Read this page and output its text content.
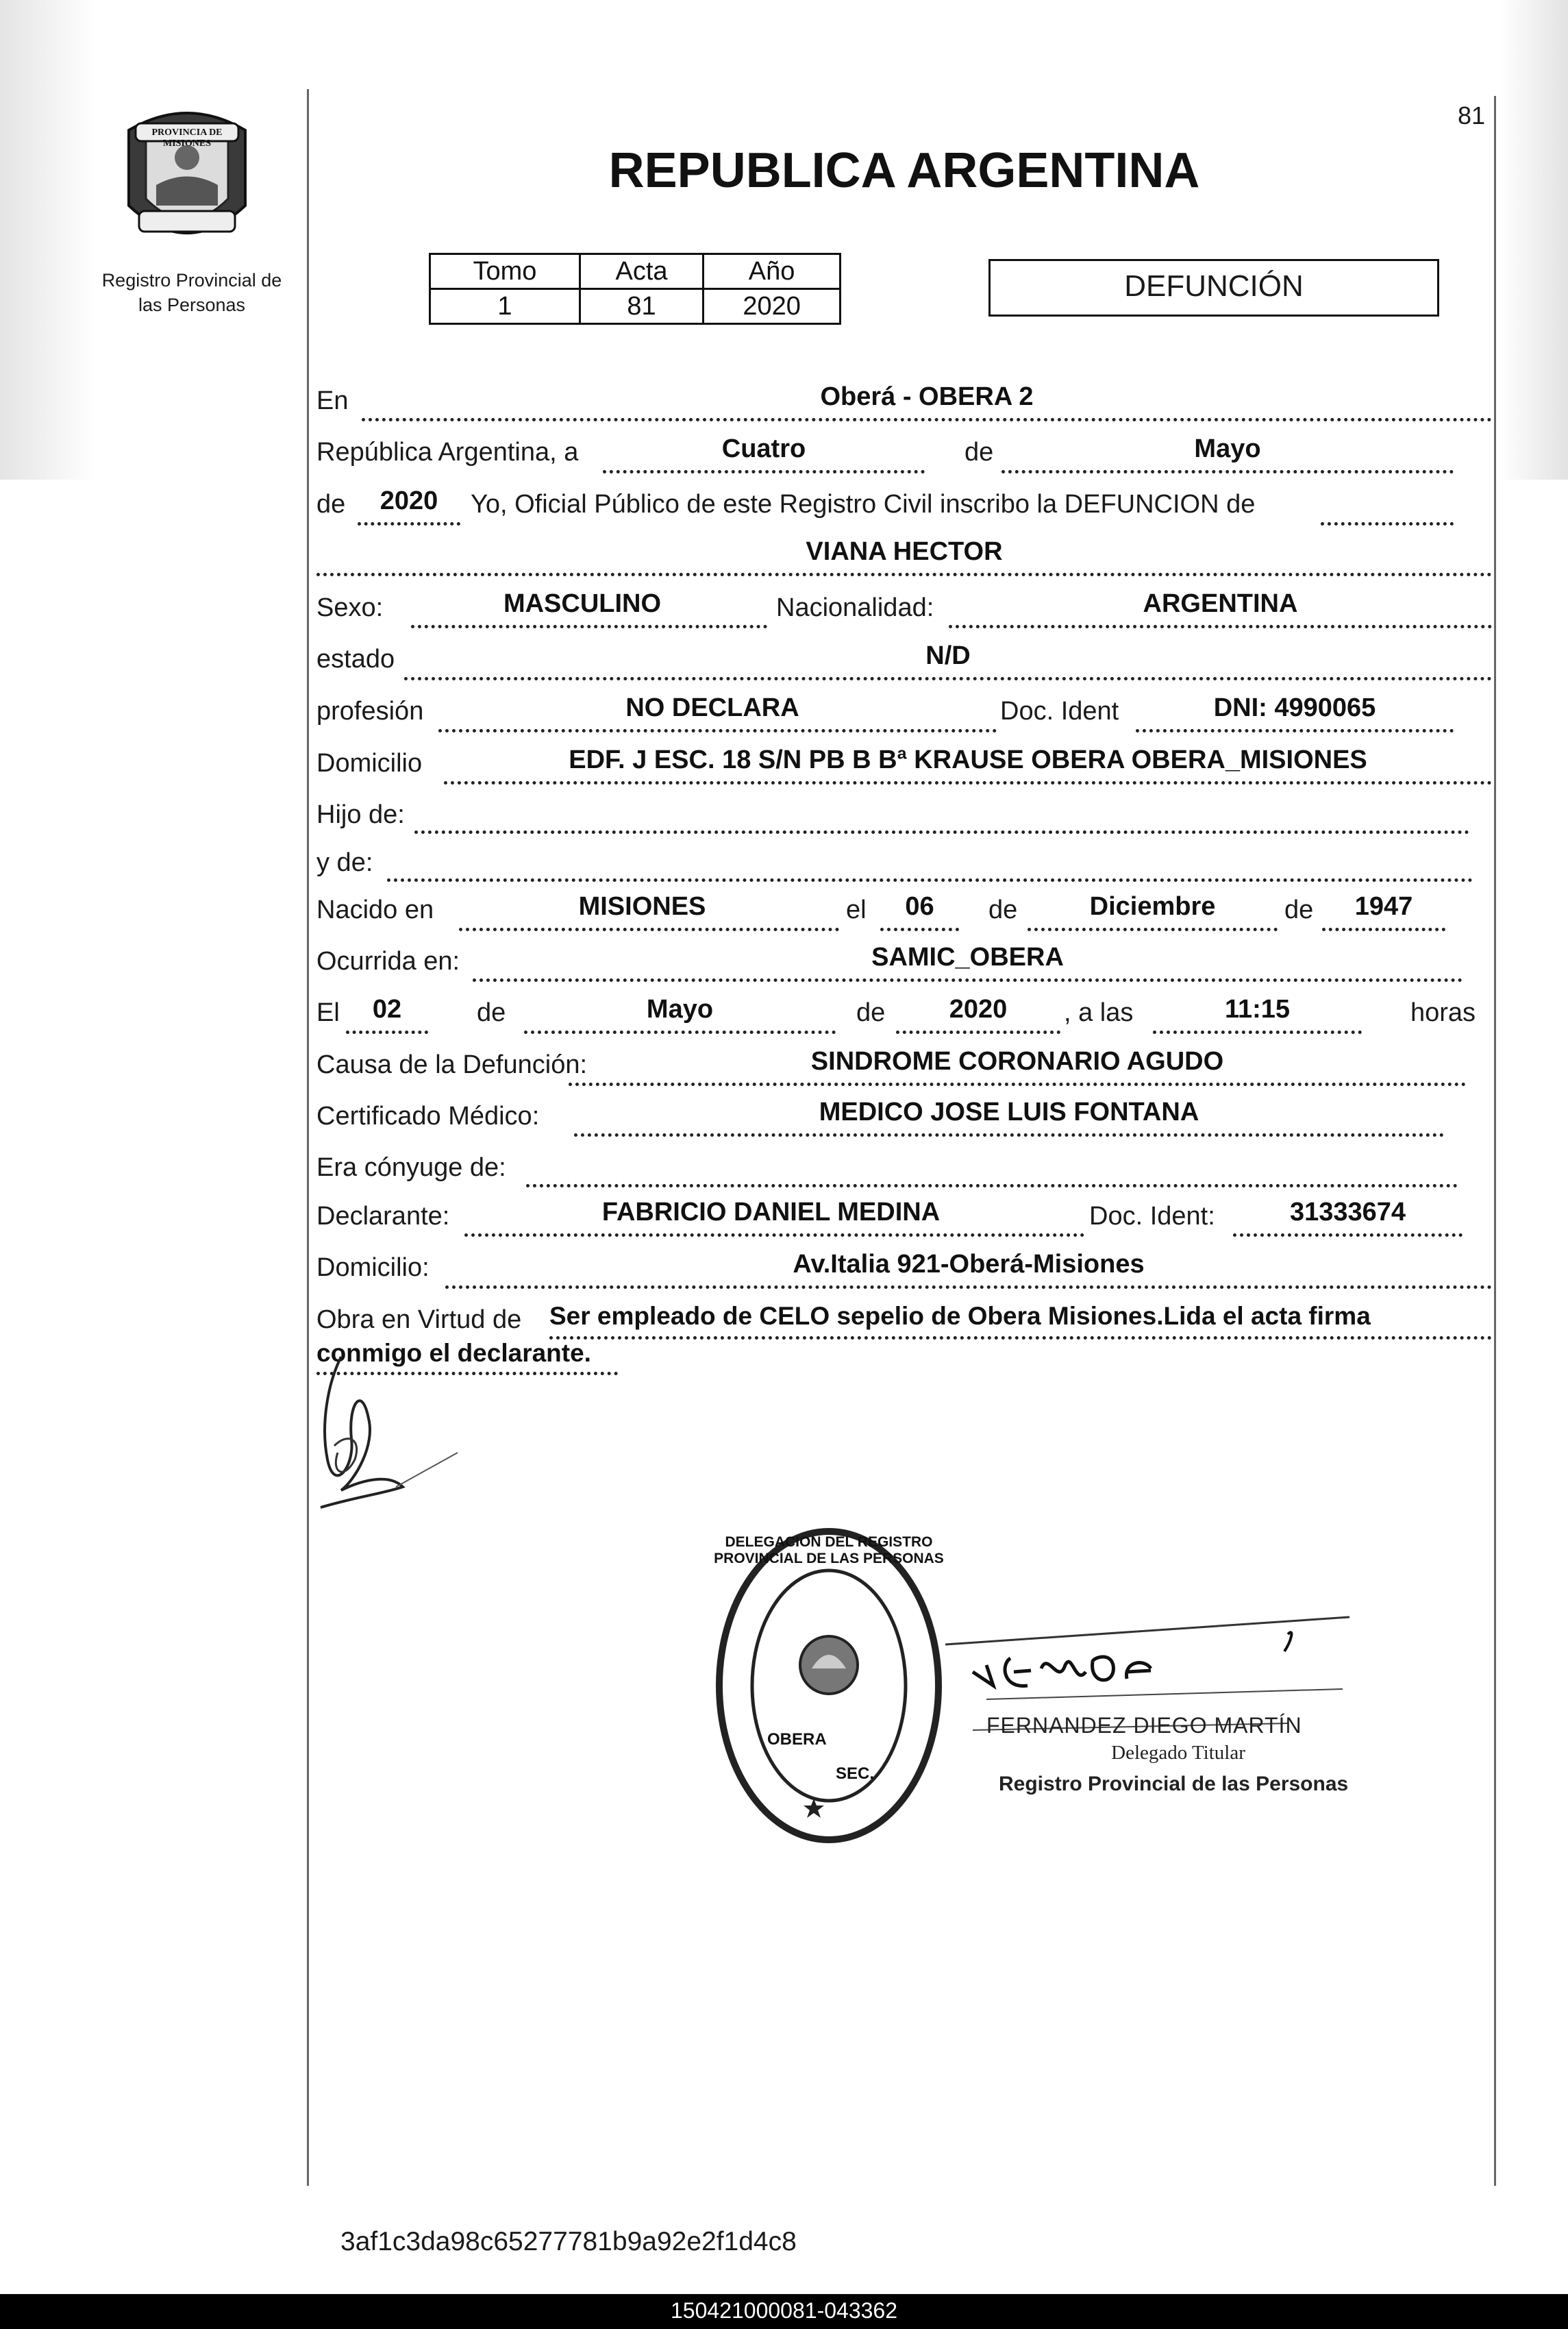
81
PROVINCIA DE MISIONES
Registro Provincial de
las Personas
REPUBLICA ARGENTINA
Tomo	Acta	Año
1	81	2020
DEFUNCIÓN
En	Oberá - OBERA 2
República Argentina, a	Cuatro	de	Mayo
de	2020	Yo, Oficial Público de este Registro Civil inscribo la DEFUNCION de
VIANA HECTOR
Sexo:	MASCULINO	Nacionalidad:	ARGENTINA
estado	N/D
profesión	NO DECLARA	Doc. Ident	DNI: 4990065
Domicilio	EDF. J ESC. 18 S/N PB B Bª KRAUSE OBERA OBERA_MISIONES
Hijo de:
y de:
Nacido en	MISIONES	el	06	de	Diciembre	de	1947
Ocurrida en:	SAMIC_OBERA
El	02	de	Mayo	de	2020	, a las	11:15	horas
Causa de la Defunción:	SINDROME CORONARIO AGUDO
Certificado Médico:	MEDICO JOSE LUIS FONTANA
Era cónyuge de:
Declarante:	FABRICIO DANIEL MEDINA	Doc. Ident:	31333674
Domicilio:	Av.Italia 921-Oberá-Misiones
Obra en Virtud de Ser empleado de CELO sepelio de Obera Misiones.Lida el acta firma
conmigo el declarante.
DELEGACION DEL REGISTRO PROVINCIAL DE LAS PERSONAS
OBERA
SEC.
FERNANDEZ DIEGO MARTÍN
Delegado Titular
Registro Provincial de las Personas
3af1c3da98c65277781b9a92e2f1d4c8
150421000081-043362
